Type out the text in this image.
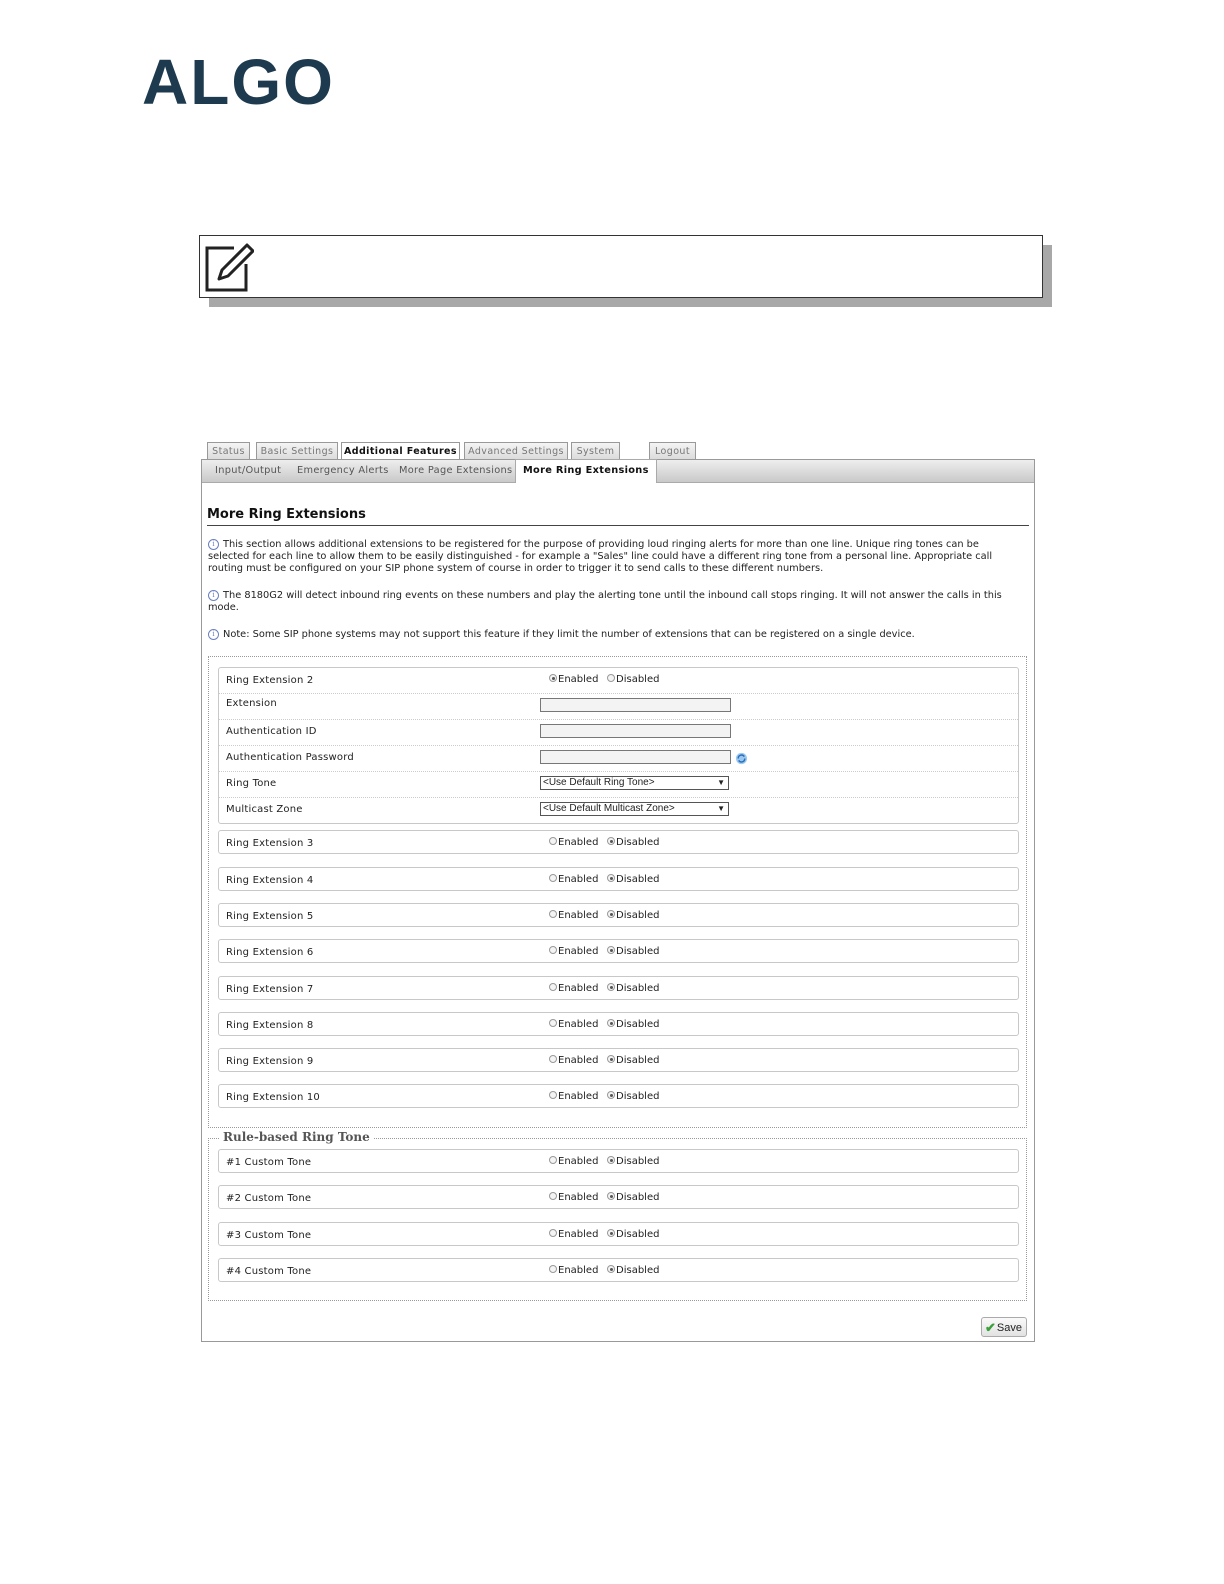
ALGO
Status	Basic Settings	Additional Features	Advanced Settings	System	Logout
Input/Output Emergency Alerts More Page Extensions	More Ring Extensions
More Ring Extensions
i This section allows additional extensions to be registered for the purpose of providing loud ringing alerts for more than one line. Unique ring tones can be selected for each line to allow them to be easily distinguished - for example a "Sales" line could have a different ring tone from a personal line. Appropriate call routing must be configured on your SIP phone system of course in order to trigger it to send calls to these different numbers.
i The 8180G2 will detect inbound ring events on these numbers and play the alerting tone until the inbound call stops ringing. It will not answer the calls in this mode.
i Note: Some SIP phone systems may not support this feature if they limit the number of extensions that can be registered on a single device.
Ring Extension 2	Enabled	Disabled
Extension
Authentication ID
Authentication Password
Ring Tone	<Use Default Ring Tone>	▼
Multicast Zone	<Use Default Multicast Zone>	▼
Ring Extension 3	Enabled	Disabled
Ring Extension 4	Enabled	Disabled
Ring Extension 5	Enabled	Disabled
Ring Extension 6	Enabled	Disabled
Ring Extension 7	Enabled	Disabled
Ring Extension 8	Enabled	Disabled
Ring Extension 9	Enabled	Disabled
Ring Extension 10	Enabled	Disabled
Rule-based Ring Tone
#1 Custom Tone	Enabled	Disabled
#2 Custom Tone	Enabled	Disabled
#3 Custom Tone	Enabled	Disabled
#4 Custom Tone	Enabled	Disabled
✔ Save
